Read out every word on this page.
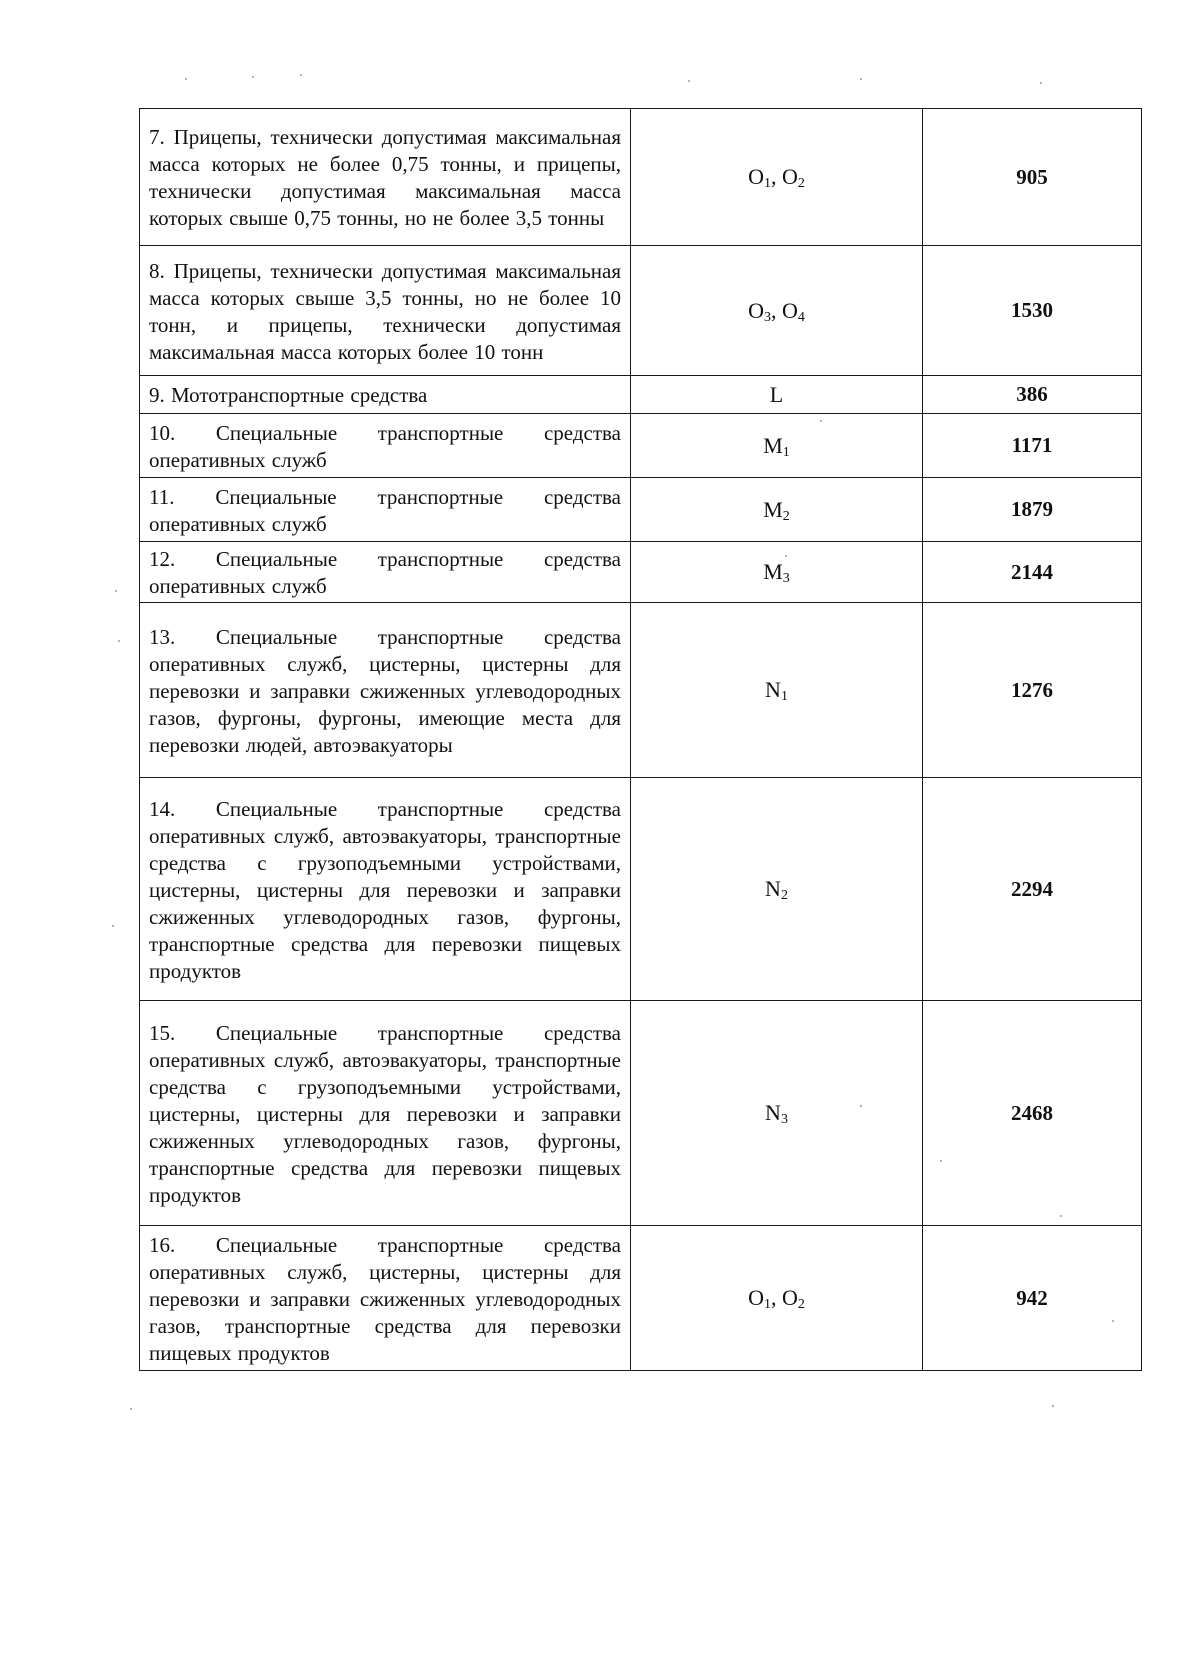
7. Прицепы, технически допустимая максимальная масса которых не более 0,75 тонны, и прицепы, технически допустимая максимальная масса которых свыше 0,75 тонны, но не более 3,5 тонны	$O_1$, $O_2$	905

8. Прицепы, технически допустимая максимальная масса которых свыше 3,5 тонны, но не более 10 тонн, и прицепы, технически допустимая максимальная масса которых более 10 тонн	$O_3$, $O_4$	1530

9. Мототранспортные средства	L	386

10. Специальные транспортные средства оперативных служб	$M_1$	1171

11. Специальные транспортные средства оперативных служб	$M_2$	1879

12. Специальные транспортные средства оперативных служб	$M_3$	2144

13. Специальные транспортные средства оперативных служб, цистерны, цистерны для перевозки и заправки сжиженных углеводородных газов, фургоны, фургоны, имеющие места для перевозки людей, автоэвакуаторы	$N_1$	1276

14. Специальные транспортные средства оперативных служб, автоэвакуаторы, транспортные средства с грузоподъемными устройствами, цистерны, цистерны для перевозки и заправки сжиженных углеводородных газов, фургоны, транспортные средства для перевозки пищевых продуктов	$N_2$	2294

15. Специальные транспортные средства оперативных служб, автоэвакуаторы, транспортные средства с грузоподъемными устройствами, цистерны, цистерны для перевозки и заправки сжиженных углеводородных газов, фургоны, транспортные средства для перевозки пищевых продуктов	$N_3$	2468

16. Специальные транспортные средства оперативных служб, цистерны, цистерны для перевозки и заправки сжиженных углеводородных газов, транспортные средства для перевозки пищевых продуктов	$O_1$, $O_2$	942
